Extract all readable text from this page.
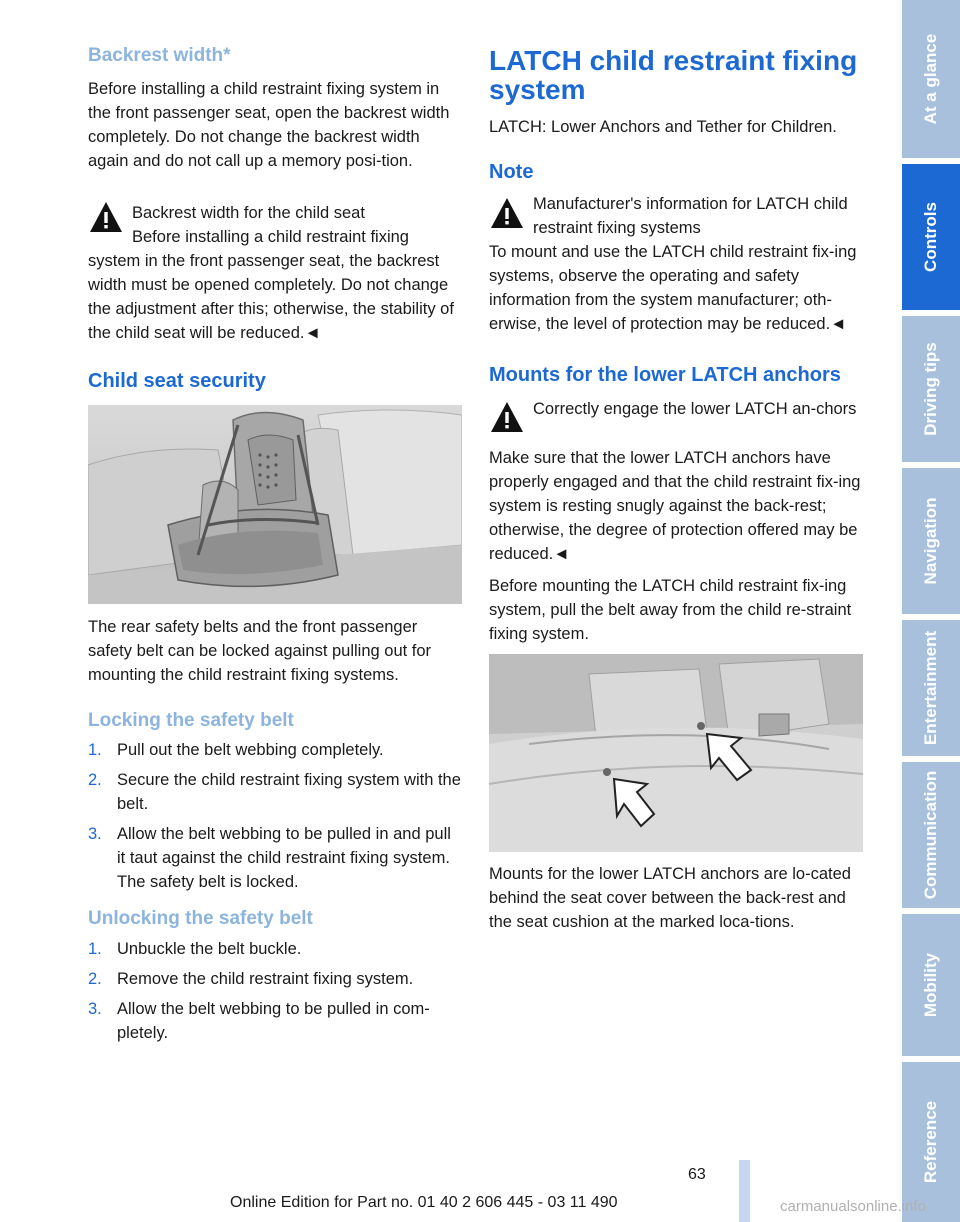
Backrest width*

Before installing a child restraint fixing system in the front passenger seat, open the backrest width completely. Do not change the backrest width again and do not call up a memory posi-tion.

Backrest width for the child seat

Before installing a child restraint fixing system in the front passenger seat, the backrest width must be opened completely. Do not change the adjustment after this; otherwise, the stability of the child seat will be reduced.◄

Child seat security

The rear safety belts and the front passenger safety belt can be locked against pulling out for mounting the child restraint fixing systems.

Locking the safety belt
1. Pull out the belt webbing completely.
2. Secure the child restraint fixing system with the belt.
3. Allow the belt webbing to be pulled in and pull it taut against the child restraint fixing system. The safety belt is locked.
Unlocking the safety belt
1. Unbuckle the belt buckle.
2. Remove the child restraint fixing system.
3. Allow the belt webbing to be pulled in com-pletely.
LATCH child restraint fixing system

LATCH: Lower Anchors and Tether for Children.

Note

Manufacturer's information for LATCH child restraint fixing systems

To mount and use the LATCH child restraint fix-ing systems, observe the operating and safety information from the system manufacturer; oth-erwise, the level of protection may be reduced.◄

Mounts for the lower LATCH anchors

Correctly engage the lower LATCH an-chors

Make sure that the lower LATCH anchors have properly engaged and that the child restraint fix-ing system is resting snugly against the back-rest; otherwise, the degree of protection offered may be reduced.◄

Before mounting the LATCH child restraint fix-ing system, pull the belt away from the child re-straint fixing system.

Mounts for the lower LATCH anchors are lo-cated behind the seat cover between the back-rest and the seat cushion at the marked loca-tions.

At a glance
Controls
Driving tips
Navigation
Entertainment
Communication
Mobility
Reference
63
Online Edition for Part no. 01 40 2 606 445 - 03 11 490	carmanualsonline.info
